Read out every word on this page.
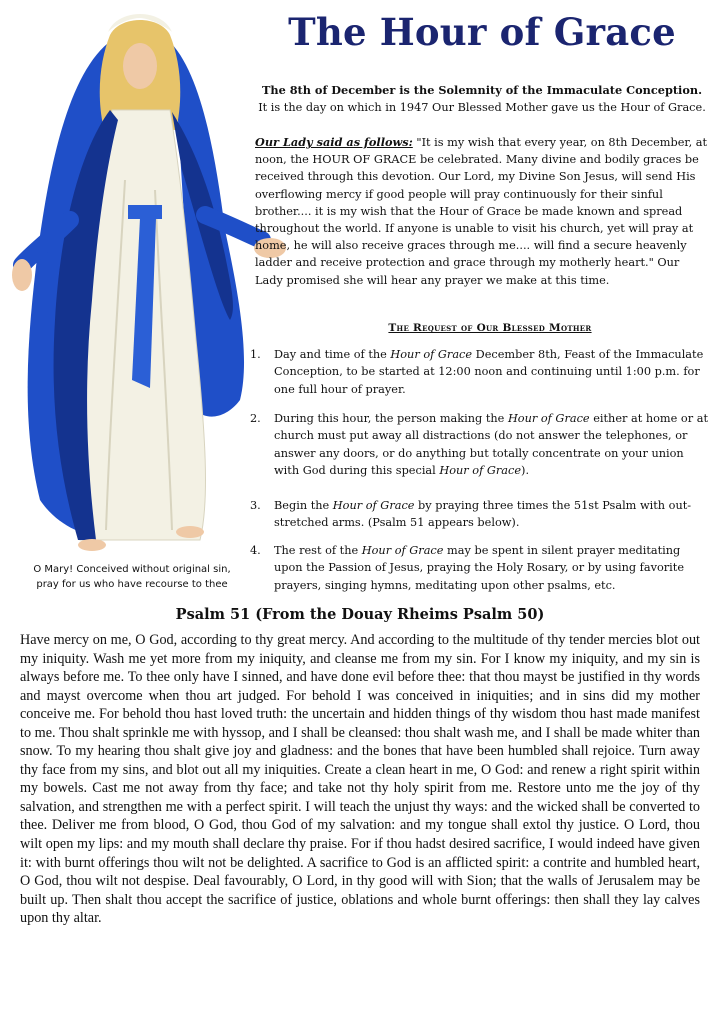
O Mary! Conceived without original sin,
pray for us who have recourse to thee
The Hour of Grace
The 8th of December is the Solemnity of the Immaculate Conception.
It is the day on which in 1947 Our Blessed Mother gave us the Hour of Grace.
Our Lady said as follows: "It is my wish that every year, on 8th December, at noon, the HOUR OF GRACE be celebrated. Many divine and bodily graces be received through this devotion. Our Lord, my Divine Son Jesus, will send His overflowing mercy if good people will pray continuously for their sinful brother.... it is my wish that the Hour of Grace be made known and spread throughout the world. If anyone is unable to visit his church, yet will pray at home, he will also receive graces through me.... will find a secure heavenly ladder and receive protection and grace through my motherly heart." Our Lady promised she will hear any prayer we make at this time.
The Request of Our Blessed Mother
1.	Day and time of the Hour of Grace December 8th, Feast of the Immaculate Conception, to be started at 12:00 noon and continuing until 1:00 p.m. for one full hour of prayer.
2.	During this hour, the person making the Hour of Grace either at home or at church must put away all distractions (do not answer the telephones, or answer any doors, or do anything but totally concentrate on your union with God during this special Hour of Grace).
3.	Begin the Hour of Grace by praying three times the 51st Psalm with out-stretched arms. (Psalm 51 appears below).
4.	The rest of the Hour of Grace may be spent in silent prayer meditating upon the Passion of Jesus, praying the Holy Rosary, or by using favorite prayers, singing hymns, meditating upon other psalms, etc.
Psalm 51 (From the Douay Rheims Psalm 50)
Have mercy on me, O God, according to thy great mercy. And according to the multitude of thy tender mercies blot out my iniquity. Wash me yet more from my iniquity, and cleanse me from my sin. For I know my iniquity, and my sin is always before me. To thee only have I sinned, and have done evil before thee: that thou mayst be justified in thy words and mayst overcome when thou art judged. For behold I was conceived in iniquities; and in sins did my mother conceive me. For behold thou hast loved truth: the uncertain and hidden things of thy wisdom thou hast made manifest to me. Thou shalt sprinkle me with hyssop, and I shall be cleansed: thou shalt wash me, and I shall be made whiter than snow. To my hearing thou shalt give joy and gladness: and the bones that have been humbled shall rejoice. Turn away thy face from my sins, and blot out all my iniquities. Create a clean heart in me, O God: and renew a right spirit within my bowels. Cast me not away from thy face; and take not thy holy spirit from me. Restore unto me the joy of thy salvation, and strengthen me with a perfect spirit. I will teach the unjust thy ways: and the wicked shall be converted to thee. Deliver me from blood, O God, thou God of my salvation: and my tongue shall extol thy justice. O Lord, thou wilt open my lips: and my mouth shall declare thy praise. For if thou hadst desired sacrifice, I would indeed have given it: with burnt offerings thou wilt not be delighted. A sacrifice to God is an afflicted spirit: a contrite and humbled heart, O God, thou wilt not despise. Deal favourably, O Lord, in thy good will with Sion; that the walls of Jerusalem may be built up. Then shalt thou accept the sacrifice of justice, oblations and whole burnt offerings: then shall they lay calves upon thy altar.
